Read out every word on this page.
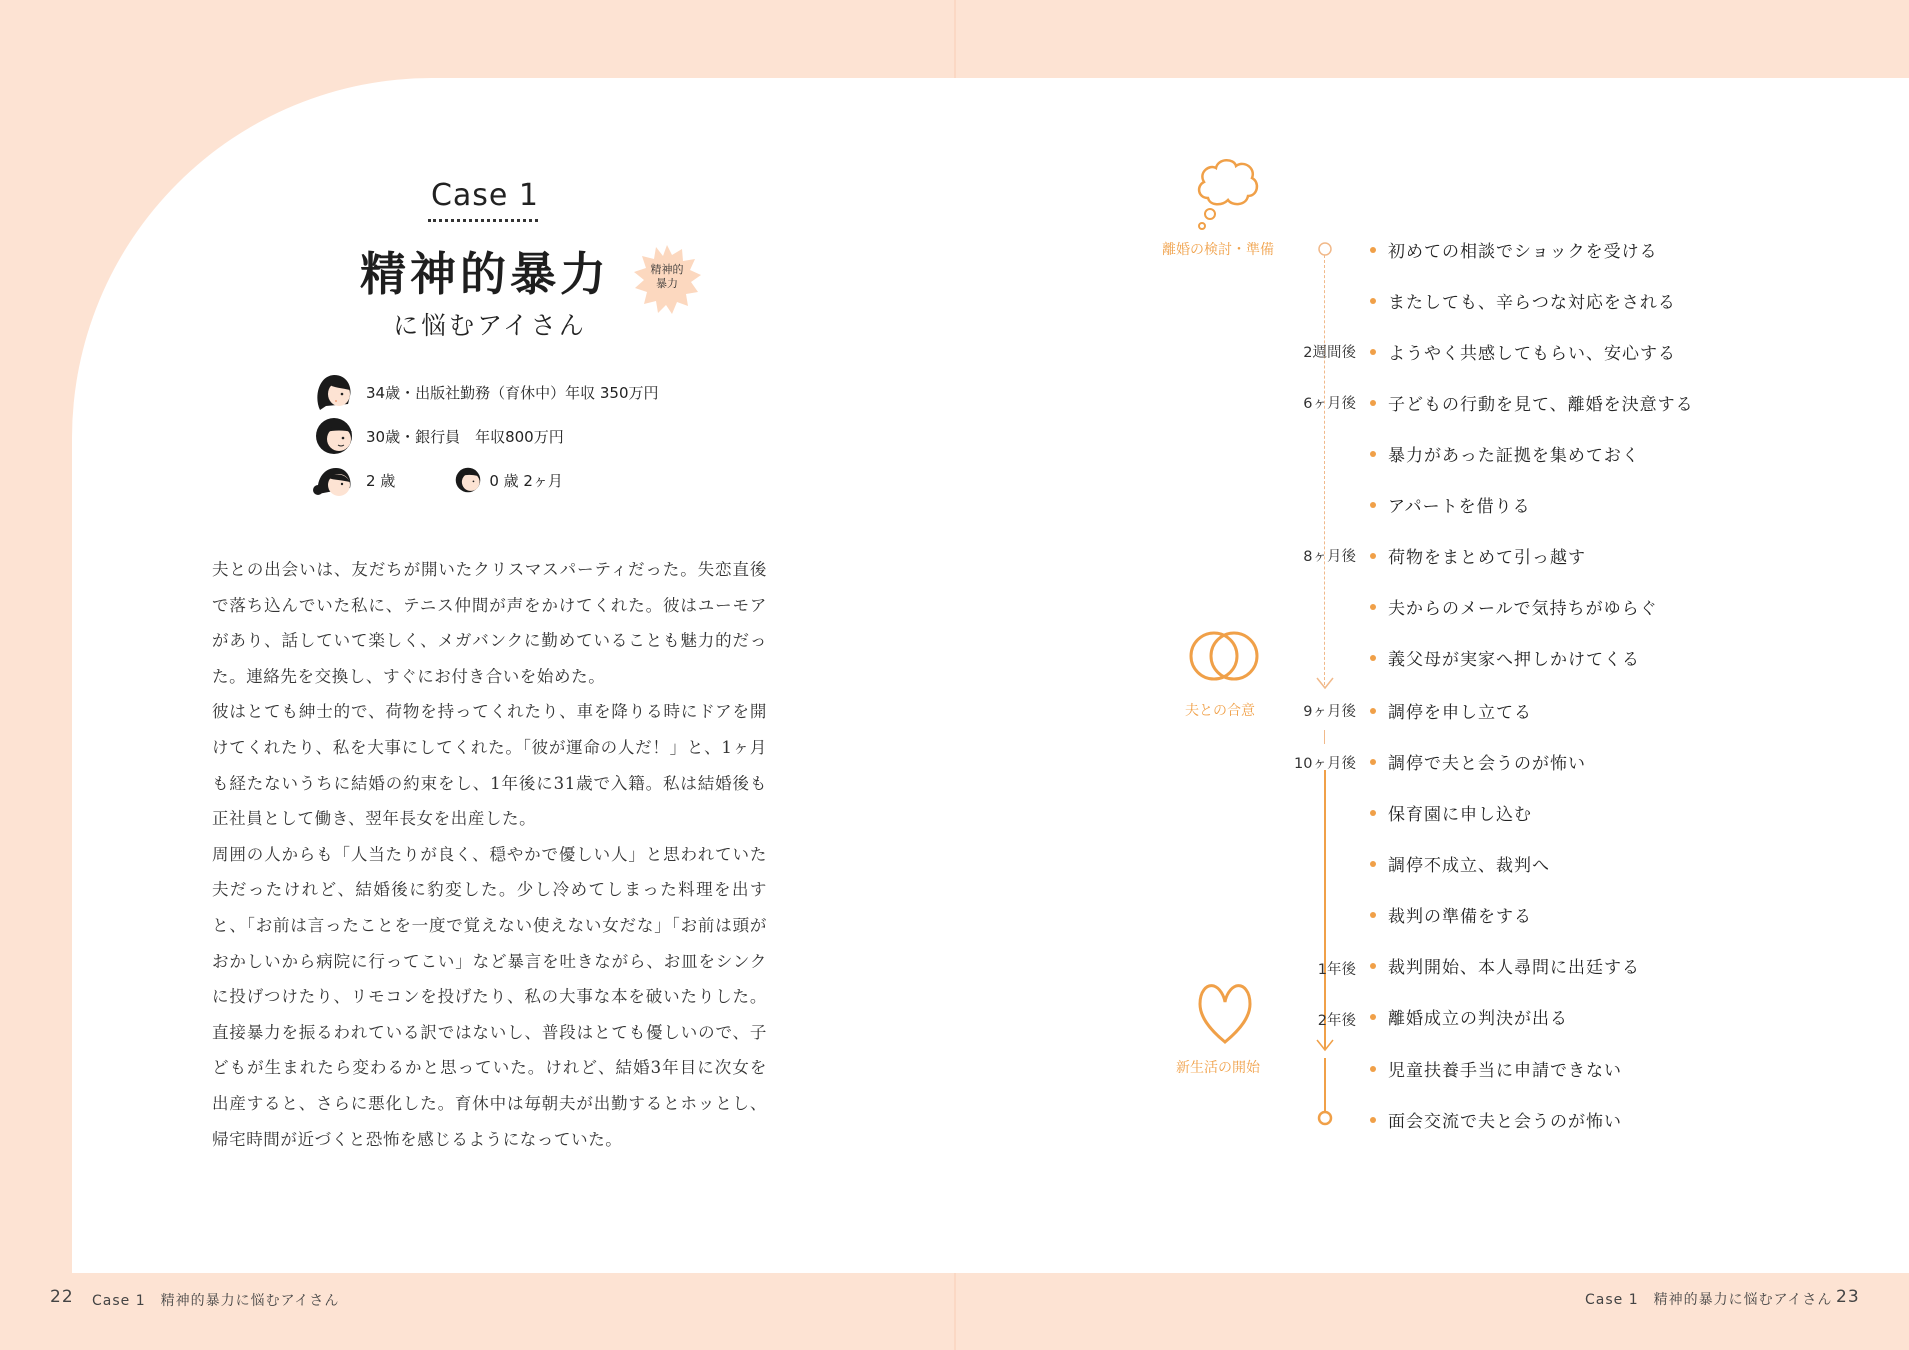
Case 1
精神的暴力
に悩むアイさん
精神的
暴力
34歳・出版社勤務（育休中）年収 350万円
30歳・銀行員　年収800万円
2 歳	0 歳 2ヶ月

夫との出会いは、友だちが開いたクリスマスパーティだった。失恋直後で落ち込んでいた私に、テニス仲間が声をかけてくれた。彼はユーモアがあり、話していて楽しく、メガバンクに勤めていることも魅力的だった。連絡先を交換し、すぐにお付き合いを始めた。

彼はとても紳士的で、荷物を持ってくれたり、車を降りる時にドアを開けてくれたり、私を大事にしてくれた。「彼が運命の人だ！」と、1ヶ月も経たないうちに結婚の約束をし、1年後に31歳で入籍。私は結婚後も正社員として働き、翌年長女を出産した。

周囲の人からも「人当たりが良く、穏やかで優しい人」と思われていた夫だったけれど、結婚後に豹変した。少し冷めてしまった料理を出すと、「お前は言ったことを一度で覚えない使えない女だな」「お前は頭がおかしいから病院に行ってこい」など暴言を吐きながら、お皿をシンクに投げつけたり、リモコンを投げたり、私の大事な本を破いたりした。直接暴力を振るわれている訳ではないし、普段はとても優しいので、子どもが生まれたら変わるかと思っていた。けれど、結婚3年目に次女を出産すると、さらに悪化した。育休中は毎朝夫が出勤するとホッとし、帰宅時間が近づくと恐怖を感じるようになっていた。

離婚の検討・準備
夫との合意
新生活の開始
2週間後
6ヶ月後
8ヶ月後
9ヶ月後
10ヶ月後
1年後
2年後
初めての相談でショックを受ける
またしても、辛らつな対応をされる
ようやく共感してもらい、安心する
子どもの行動を見て、離婚を決意する
暴力があった証拠を集めておく
アパートを借りる
荷物をまとめて引っ越す
夫からのメールで気持ちがゆらぐ
義父母が実家へ押しかけてくる
調停を申し立てる
調停で夫と会うのが怖い
保育園に申し込む
調停不成立、裁判へ
裁判の準備をする
裁判開始、本人尋問に出廷する
離婚成立の判決が出る
児童扶養手当に申請できない
面会交流で夫と会うのが怖い
22 Case 1　精神的暴力に悩むアイさん	Case 1　精神的暴力に悩むアイさん 23
